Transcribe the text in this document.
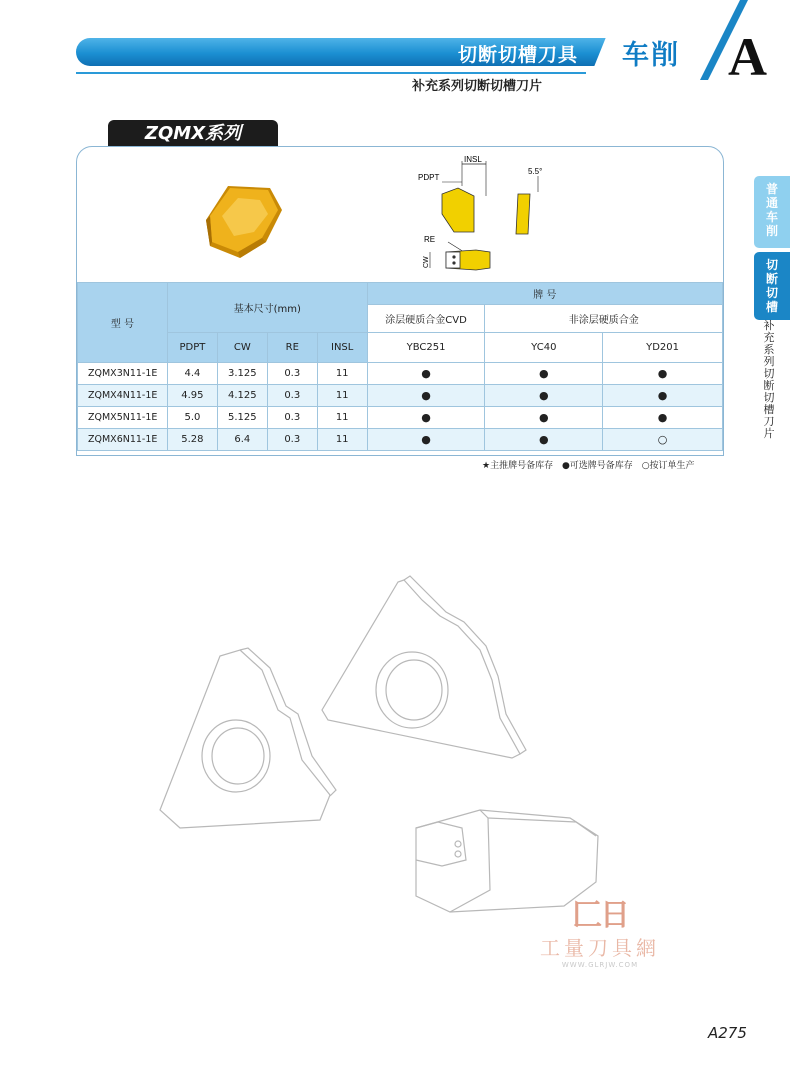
切断切槽刀具 车削 A
补充系列切断切槽刀片
普
通
车
削
切
断
切
槽
补
充
系
列
切
断
切
槽
刀
片
ZQMX系列
INSL
PDPT
5.5°
RE
CW
型 号	基本尺寸(mm)				牌 号		
					涂层硬质合金CVD	非涂层硬质合金	
	PDPT	CW	RE	INSL	YBC251	YC40	YD201
ZQMX3N11-1E	4.4	3.125	0.3	11	●	●	●
ZQMX4N11-1E	4.95	4.125	0.3	11	●	●	●
ZQMX5N11-1E	5.0	5.125	0.3	11	●	●	●
ZQMX6N11-1E	5.28	6.4	0.3	11	●	●	○
★主推牌号备库存 ●可选牌号备库存 ○按订单生产
匚日
工量刀具網
WWW.GLRJW.COM
A275
